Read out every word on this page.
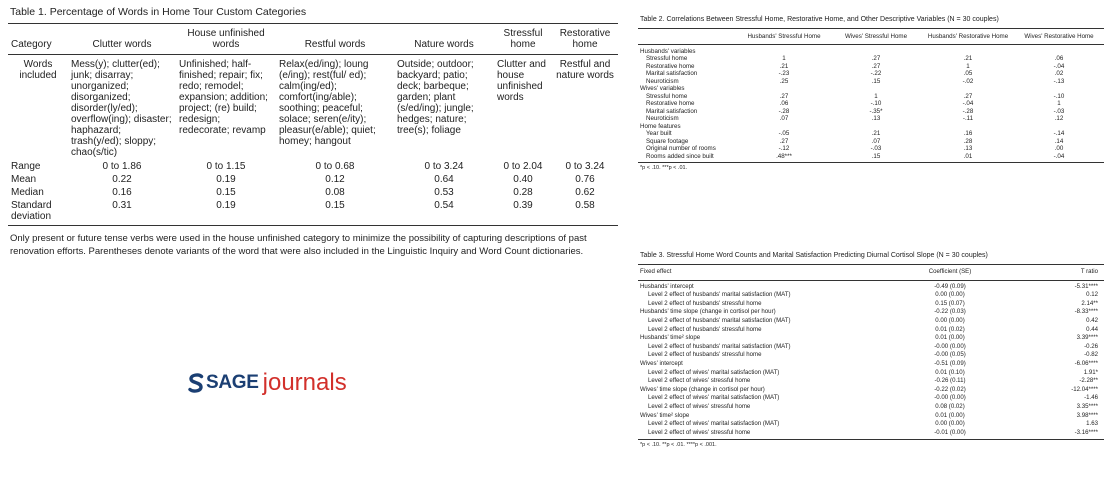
Table 1. Percentage of Words in Home Tour Custom Categories
Category	Clutter words	House unfinished words	Restful words	Nature words	Stressful home	Restorative home
Words included	Mess(y); clutter(ed); junk; disarray; unorganized; disorganized; disorder(ly/ed); overflow(ing); disaster; haphazard; trash(y/ed); sloppy; chao(s/tic)	Unfinished; half-finished; repair; fix; redo; remodel; expansion; addition; project; (re) build; redesign; redecorate; revamp	Relax(ed/ing); loung (e/ing); rest(ful/ ed); calm(ing/ed); comfort(ing/able); soothing; peaceful; solace; seren(e/ity); pleasur(e/able); quiet; homey; hangout	Outside; outdoor; backyard; patio; deck; barbeque; garden; plant (s/ed/ing); jungle; hedges; nature; tree(s); foliage	Clutter and house unfinished words	Restful and nature words
Range	0 to 1.86	0 to 1.15	0 to 0.68	0 to 3.24	0 to 2.04	0 to 3.24
Mean	0.22	0.19	0.12	0.64	0.40	0.76
Median	0.16	0.15	0.08	0.53	0.28	0.62
Standard deviation	0.31	0.19	0.15	0.54	0.39	0.58
Only present or future tense verbs were used in the house unfinished category to minimize the possibility of capturing descriptions of past renovation efforts. Parentheses denote variants of the word that were also included in the Linguistic Inquiry and Word Count dictionaries.
SAGE journals
Table 2. Correlations Between Stressful Home, Restorative Home, and Other Descriptive Variables (N = 30 couples)
	Husbands' Stressful Home	Wives' Stressful Home	Husbands' Restorative Home	Wives' Restorative Home
Husbands' variables				
Stressful home	1	.27	.21	.06
Restorative home	.21	.27	1	-.04
Marital satisfaction	-.23	-.22	.05	.02
Neuroticism	.25	.15	-.02	-.13
Wives' variables				
Stressful home	.27	1	.27	-.10
Restorative home	.06	-.10	-.04	1
Marital satisfaction	-.28	-.35*	-.28	-.03
Neuroticism	.07	.13	-.11	.12
Home features				
Year built	-.05	.21	.16	-.14
Square footage	.27	.07	.28	.14
Original number of rooms	-.12	-.03	.13	.00
Rooms added since built	.48***	.15	.01	-.04
*p < .10. ***p < .01.
Table 3. Stressful Home Word Counts and Marital Satisfaction Predicting Diurnal Cortisol Slope (N = 30 couples)
Fixed effect	Coefficient (SE)	T ratio
Husbands' intercept	-0.49 (0.09)	-5.31****
Level 2 effect of husbands' marital satisfaction (MAT)	0.00 (0.00)	0.12
Level 2 effect of husbands' stressful home	0.15 (0.07)	2.14**
Husbands' time slope (change in cortisol per hour)	-0.22 (0.03)	-8.33****
Level 2 effect of husbands' marital satisfaction (MAT)	0.00 (0.00)	0.42
Level 2 effect of husbands' stressful home	0.01 (0.02)	0.44
Husbands' time² slope	0.01 (0.00)	3.39****
Level 2 effect of husbands' marital satisfaction (MAT)	-0.00 (0.00)	-0.26
Level 2 effect of husbands' stressful home	-0.00 (0.05)	-0.82
Wives' intercept	-0.51 (0.09)	-6.06****
Level 2 effect of wives' marital satisfaction (MAT)	0.01 (0.10)	1.91*
Level 2 effect of wives' stressful home	-0.26 (0.11)	-2.28**
Wives' time slope (change in cortisol per hour)	-0.22 (0.02)	-12.04****
Level 2 effect of wives' marital satisfaction (MAT)	-0.00 (0.00)	-1.46
Level 2 effect of wives' stressful home	0.08 (0.02)	3.35****
Wives' time² slope	0.01 (0.00)	3.98****
Level 2 effect of wives' marital satisfaction (MAT)	0.00 (0.00)	1.63
Level 2 effect of wives' stressful home	-0.01 (0.00)	-3.16****
*p < .10. **p < .01. ****p < .001.
